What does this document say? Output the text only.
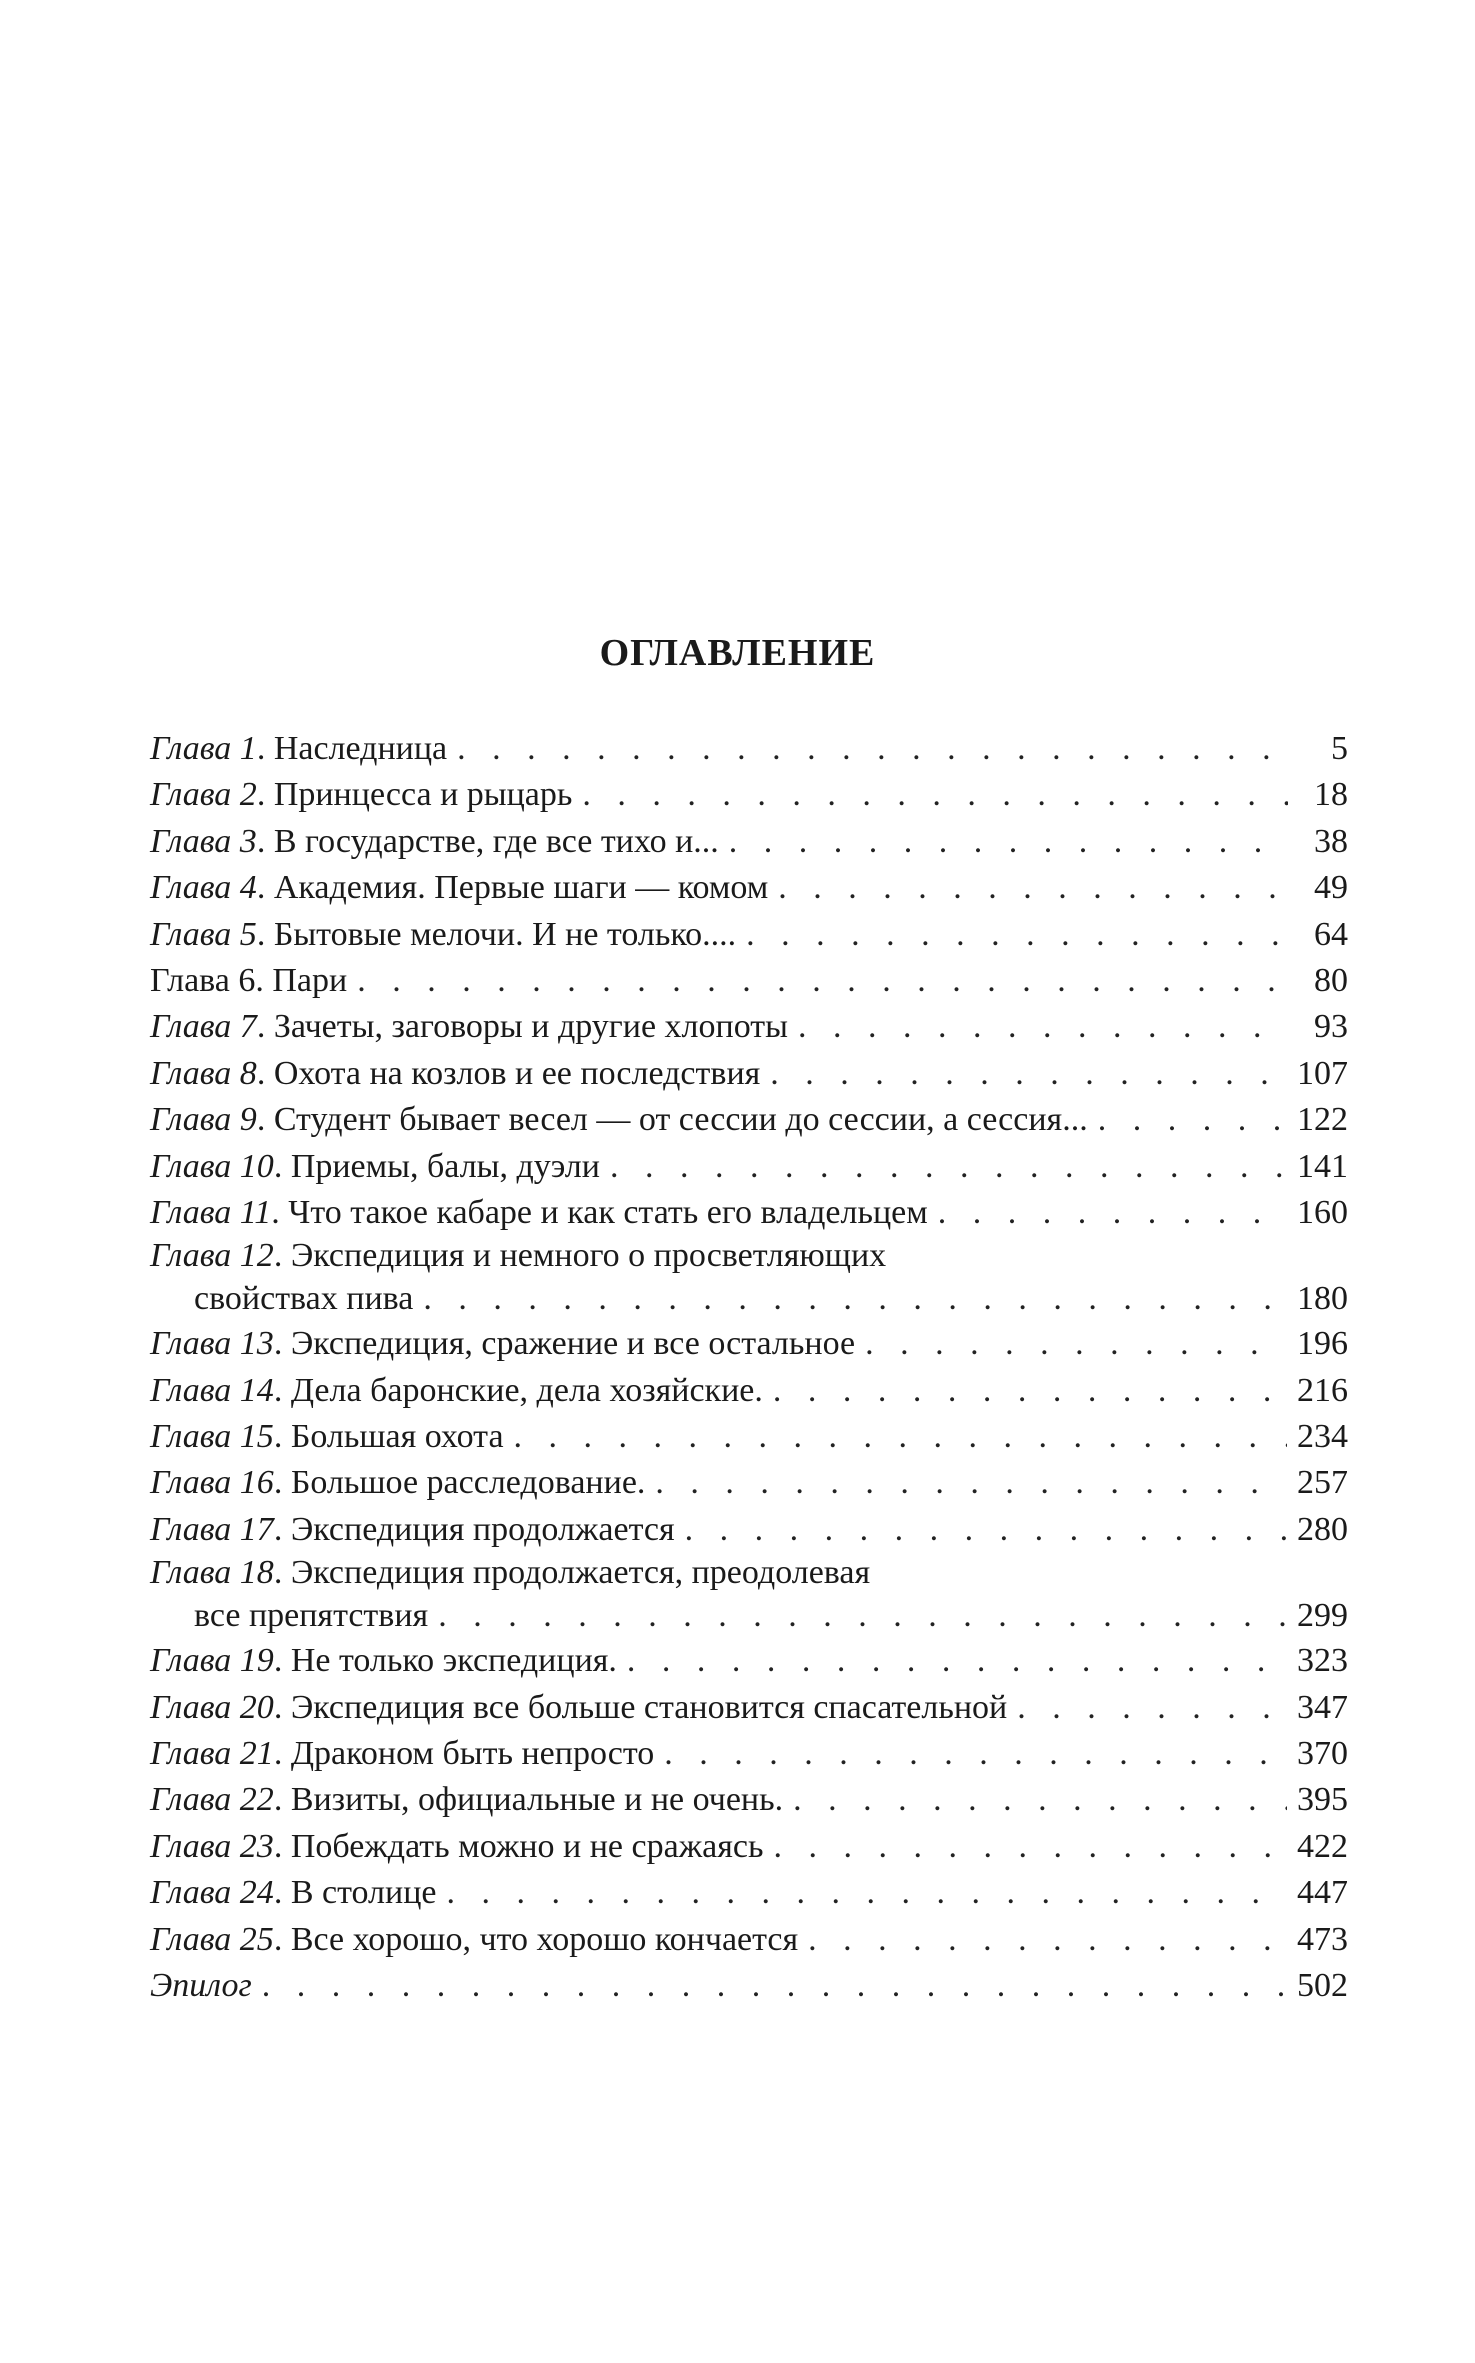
ОГЛАВЛЕНИЕ
Глава 1 . Наследница . . .	5
Глава 2 . Принцесса и рыцарь . . .	18
Глава 3 . В государстве, где все тихо и... . . .	38
Глава 4 . Академия. Первые шаги — комом . . .	49
Глава 5 . Бытовые мелочи. И не только.... . . .	64
Глава 6 . Пари . . .	80
Глава 7 . Зачеты, заговоры и другие хлопоты . . .	93
Глава 8 . Охота на козлов и ее последствия . . .	107
Глава 9 . Студент бывает весел — от сессии до сессии, а сессия... . . .	122
Глава 10 . Приемы, балы, дуэли . . .	141
Глава 11 . Что такое кабаре и как стать его владельцем . . .	160
Глава 12 . Экспедиция и немного о просветляющих
свойствах пива . . .	180
Глава 13 . Экспедиция, сражение и все остальное . . .	196
Глава 14 . Дела баронские, дела хозяйские. . . .	216
Глава 15 . Большая охота . . .	234
Глава 16 . Большое расследование. . . .	257
Глава 17 . Экспедиция продолжается . . .	280
Глава 18 . Экспедиция продолжается, преодолевая
все препятствия . . .	299
Глава 19 . Не только экспедиция. . . .	323
Глава 20 . Экспедиция все больше становится спасательной . . .	347
Глава 21 . Драконом быть непросто . . .	370
Глава 22 . Визиты, официальные и не очень. . . .	395
Глава 23 . Побеждать можно и не сражаясь . . .	422
Глава 24 . В столице . . .	447
Глава 25 . Все хорошо, что хорошо кончается . . .	473
Эпилог . . .	502
